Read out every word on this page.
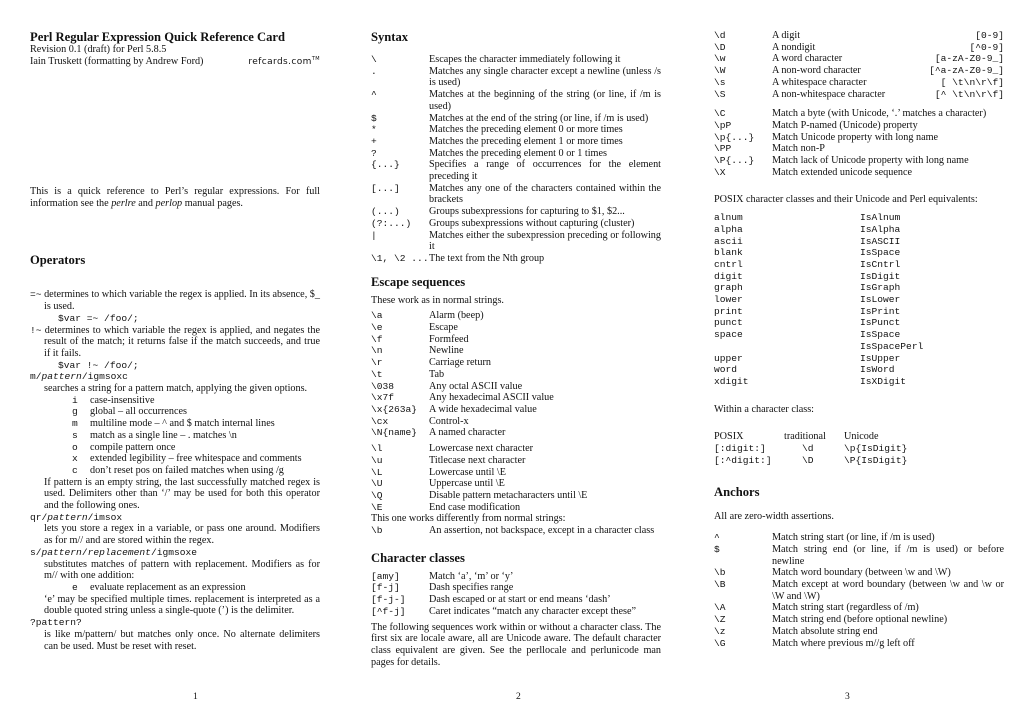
Perl Regular Expression Quick Reference Card
Revision 0.1 (draft) for Perl 5.8.5
Iain Truskett (formatting by Andrew Ford)	refcards.com™
This is a quick reference to Perl’s regular expressions. For full information see the perlre and perlop manual pages.
Operators
=~ determines to which variable the regex is applied. In its absence, $_ is used.
$var =~ /foo/;
!~ determines to which variable the regex is applied, and negates the result of the match; it returns false if the match succeeds, and true if it fails.
$var !~ /foo/;
m/pattern/igmsoxc
searches a string for a pattern match, applying the given options.
i	case-insensitive
g	global – all occurrences
m	multiline mode – ^ and $ match internal lines
s	match as a single line – . matches \n
o	compile pattern once
x	extended legibility – free whitespace and comments
c	don’t reset pos on failed matches when using /g
If pattern is an empty string, the last successfully matched regex is used. Delimiters other than ‘/’ may be used for both this operator and the following ones.
qr/pattern/imsox
lets you store a regex in a variable, or pass one around. Modifiers as for m// and are stored within the regex.
s/pattern/replacement/igmsoxe
substitutes matches of pattern with replacement. Modifiers as for m// with one addition:
e	evaluate replacement as an expression
‘e’ may be specified multiple times. replacement is interpreted as a double quoted string unless a single-quote (’) is the delimiter.
?pattern?
is like m/pattern/ but matches only once. No alternate delimiters can be used. Must be reset with reset.
1
Syntax
\	Escapes the character immediately following it
.	Matches any single character except a newline (unless /s is used)
^	Matches at the beginning of the string (or line, if /m is used)
$	Matches at the end of the string (or line, if /m is used)
*	Matches the preceding element 0 or more times
+	Matches the preceding element 1 or more times
?	Matches the preceding element 0 or 1 times
{...}	Specifies a range of occurrences for the element preceding it
[...]	Matches any one of the characters contained within the brackets
(...)	Groups subexpressions for capturing to $1, $2...
(?:...)	Groups subexpressions without capturing (cluster)
|	Matches either the subexpression preceding or following it
\1, \2 ... The text from the Nth group
Escape sequences
These work as in normal strings.
\a	Alarm (beep)
\e	Escape
\f	Formfeed
\n	Newline
\r	Carriage return
\t	Tab
\038	Any octal ASCII value
\x7f	Any hexadecimal ASCII value
\x{263a}	A wide hexadecimal value
\cx	Control-x
\N{name}	A named character
\l	Lowercase next character
\u	Titlecase next character
\L	Lowercase until \E
\U	Uppercase until \E
\Q	Disable pattern metacharacters until \E
\E	End case modification
This one works differently from normal strings:
\b	An assertion, not backspace, except in a character class
Character classes
[amy]	Match ‘a’, ‘m’ or ‘y’
[f-j]	Dash specifies range
[f-j-]	Dash escaped or at start or end means ‘dash’
[^f-j]	Caret indicates “match any character except these”
The following sequences work within or without a character class. The first six are locale aware, all are Unicode aware. The default character class equivalent are given. See the perllocale and perlunicode man pages for details.
2
\d	A digit	[0-9]
\D	A nondigit	[^0-9]
\w	A word character	[a-zA-Z0-9_]
\W	A non-word character	[^a-zA-Z0-9_]
\s	A whitespace character	[ \t\n\r\f]
\S	A non-whitespace character	[^ \t\n\r\f]
\C	Match a byte (with Unicode, ‘.’ matches a character)
\pP	Match P-named (Unicode) property
\p{...}	Match Unicode property with long name
\PP	Match non-P
\P{...}	Match lack of Unicode property with long name
\X	Match extended unicode sequence
POSIX character classes and their Unicode and Perl equivalents:
alnum	IsAlnum
alpha	IsAlpha
ascii	IsASCII
blank	IsSpace
cntrl	IsCntrl
digit	IsDigit
graph	IsGraph
lower	IsLower
print	IsPrint
punct	IsPunct
space	IsSpace
IsSpacePerl
upper	IsUpper
word	IsWord
xdigit	IsXDigit
Within a character class:
POSIX	traditional	Unicode
[:digit:]	\d	\p{IsDigit}
[:^digit:]	\D	\P{IsDigit}
Anchors
All are zero-width assertions.
^	Match string start (or line, if /m is used)
$	Match string end (or line, if /m is used) or before newline
\b	Match word boundary (between \w and \W)
\B	Match except at word boundary (between \w and \w or \W and \W)
\A	Match string start (regardless of /m)
\Z	Match string end (before optional newline)
\z	Match absolute string end
\G	Match where previous m//g left off
3
